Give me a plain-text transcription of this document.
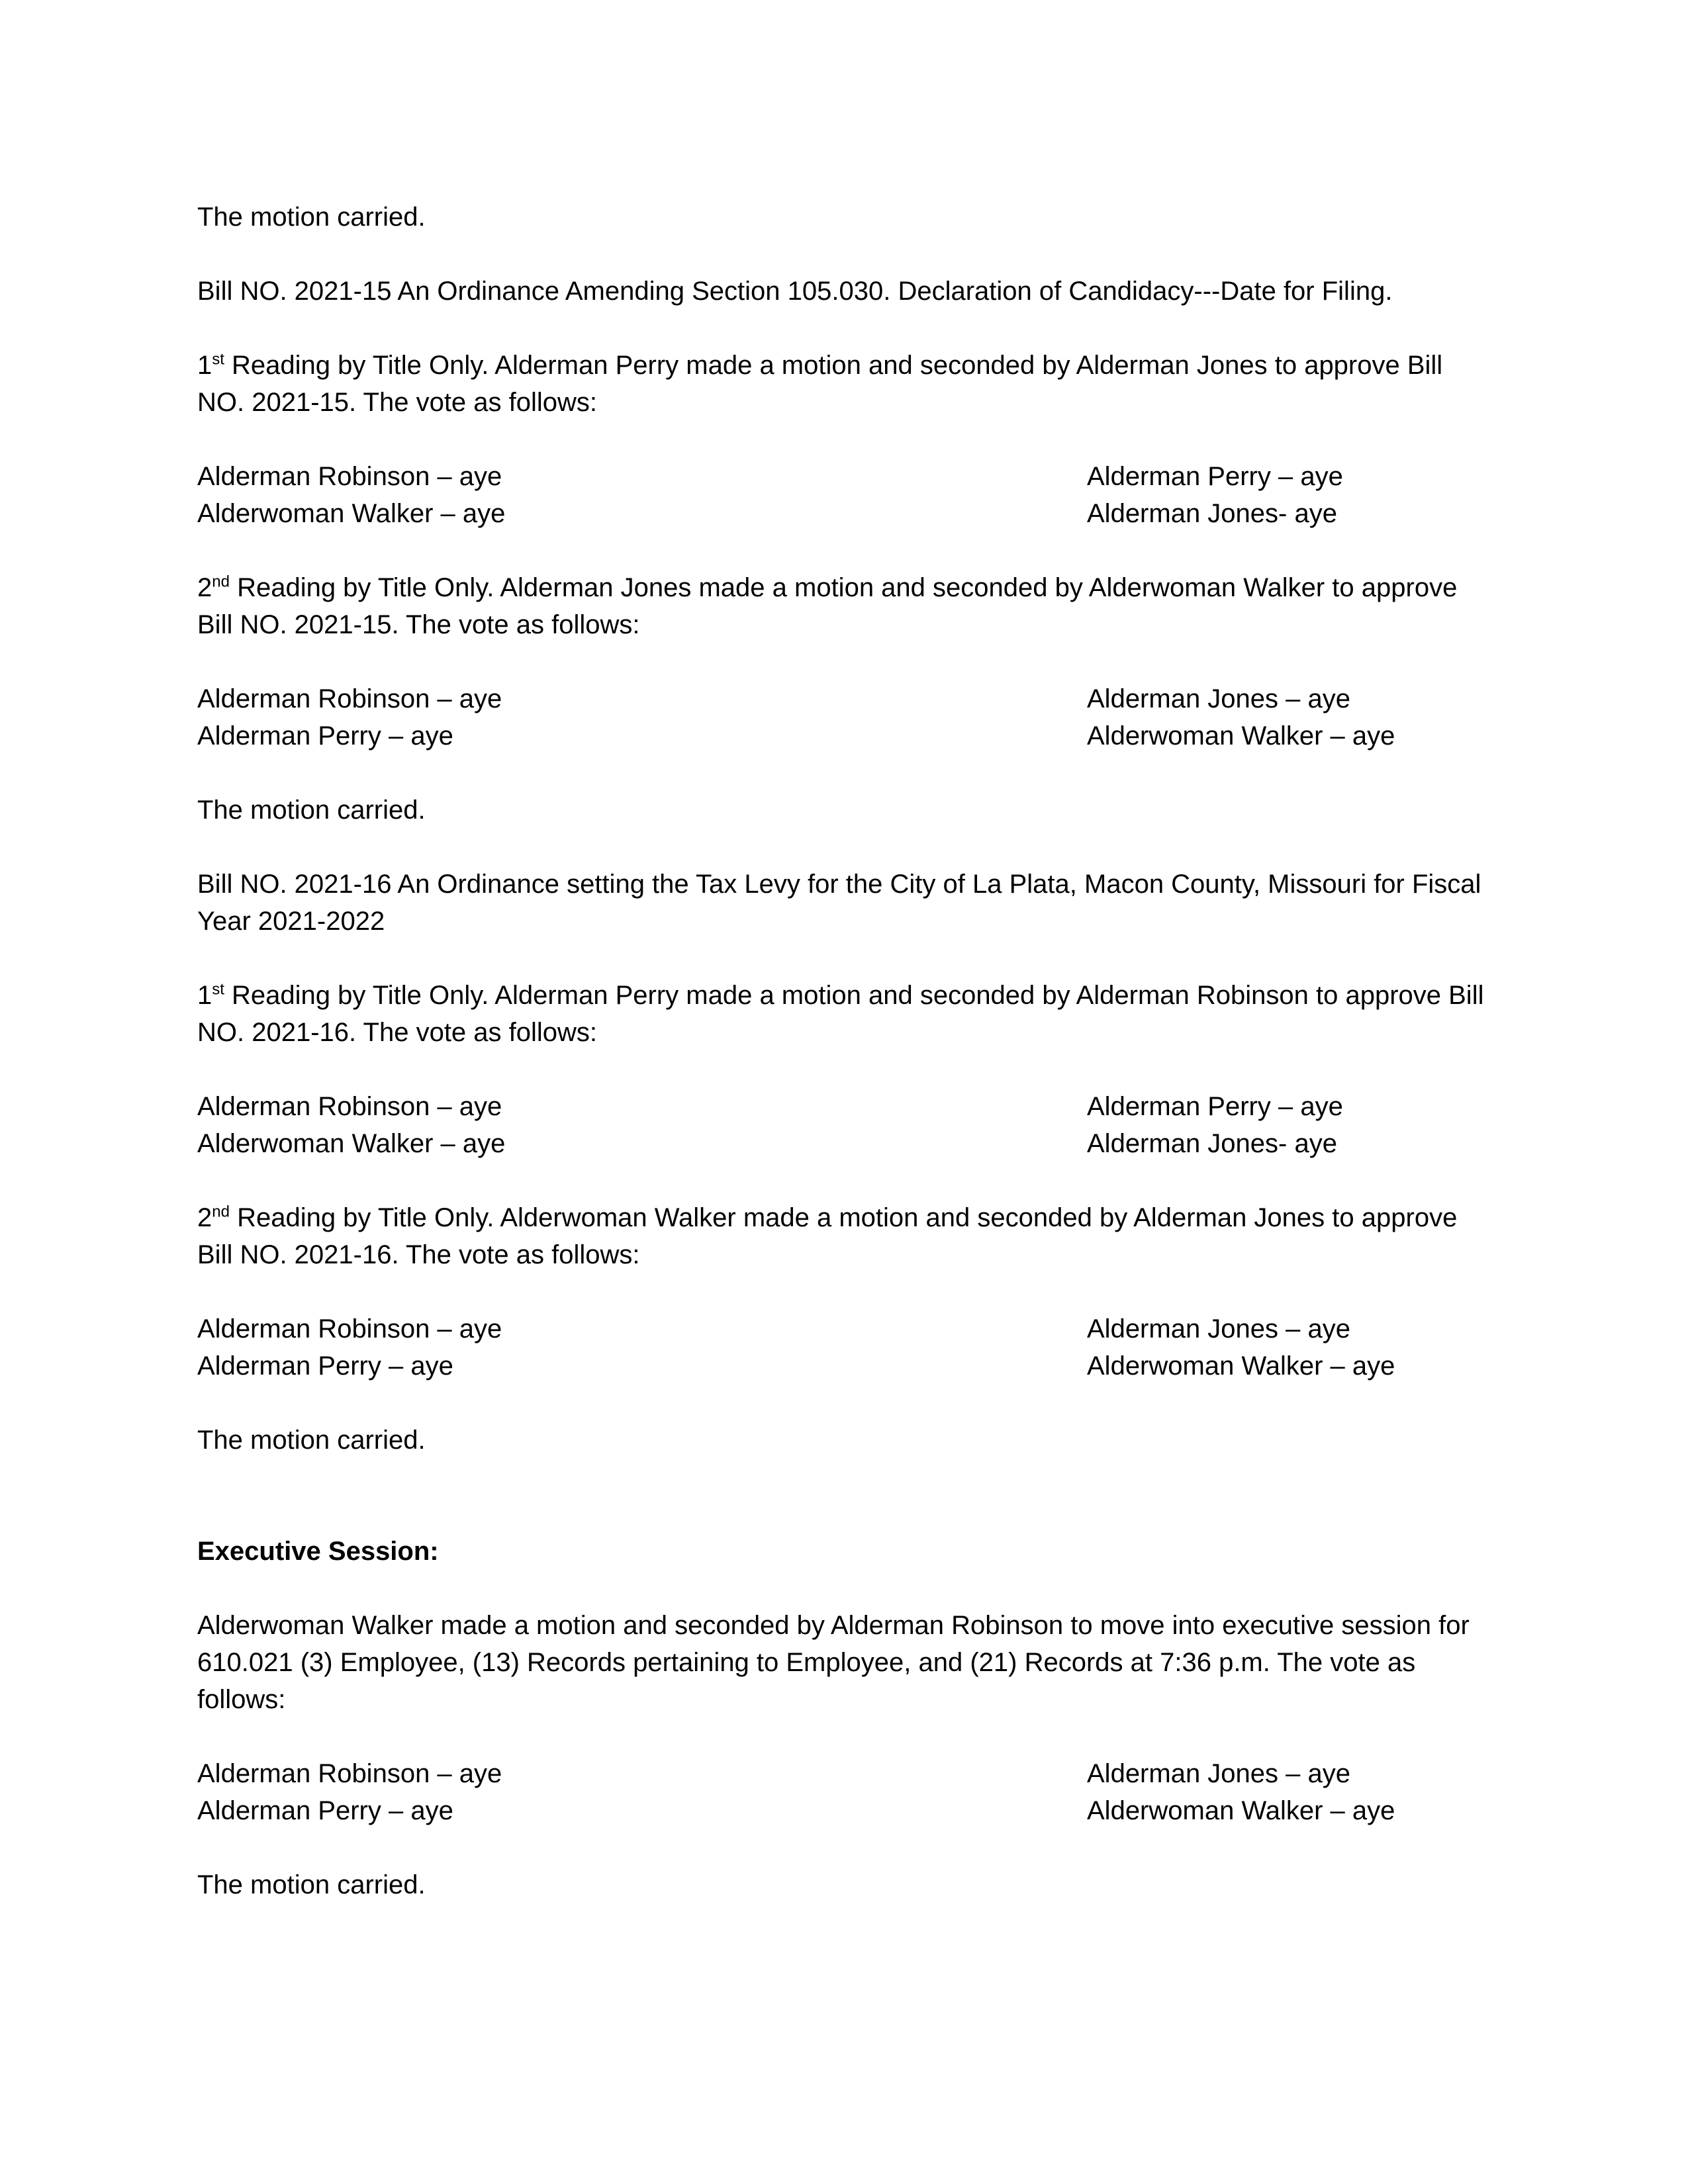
The motion carried.

Bill NO. 2021-15 An Ordinance Amending Section 105.030. Declaration of Candidacy---Date for Filing.

1st Reading by Title Only. Alderman Perry made a motion and seconded by Alderman Jones to approve Bill NO. 2021-15. The vote as follows:

Alderman Robinson – aye	Alderman Perry – aye
Alderwoman Walker – aye	Alderman Jones- aye

2nd Reading by Title Only. Alderman Jones made a motion and seconded by Alderwoman Walker to approve Bill NO. 2021-15. The vote as follows:

Alderman Robinson – aye	Alderman Jones – aye
Alderman Perry – aye	Alderwoman Walker – aye

The motion carried.

Bill NO. 2021-16 An Ordinance setting the Tax Levy for the City of La Plata, Macon County, Missouri for Fiscal Year 2021-2022

1st Reading by Title Only. Alderman Perry made a motion and seconded by Alderman Robinson to approve Bill NO. 2021-16. The vote as follows:

Alderman Robinson – aye	Alderman Perry – aye
Alderwoman Walker – aye	Alderman Jones- aye

2nd Reading by Title Only. Alderwoman Walker made a motion and seconded by Alderman Jones to approve Bill NO. 2021-16. The vote as follows:

Alderman Robinson – aye	Alderman Jones – aye
Alderman Perry – aye	Alderwoman Walker – aye

The motion carried.

Executive Session:

Alderwoman Walker made a motion and seconded by Alderman Robinson to move into executive session for 610.021 (3) Employee, (13) Records pertaining to Employee, and (21) Records at 7:36 p.m. The vote as follows:

Alderman Robinson – aye	Alderman Jones – aye
Alderman Perry – aye	Alderwoman Walker – aye

The motion carried.
